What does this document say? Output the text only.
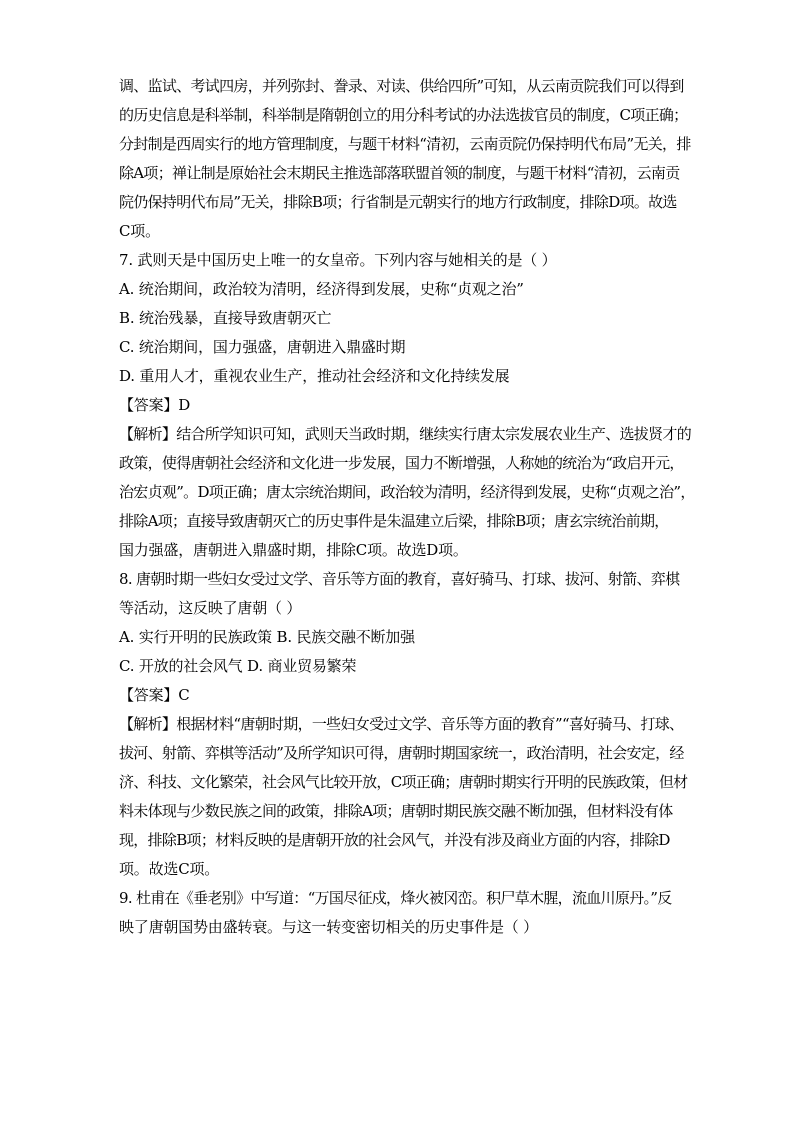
调、监试、考试四房，并列弥封、誊录、对读、供给四所”可知，从云南贡院我们可以得到
的历史信息是科举制，科举制是隋朝创立的用分科考试的办法选拔官员的制度，C项正确；
分封制是西周实行的地方管理制度，与题干材料“清初，云南贡院仍保持明代布局”无关，排
除A项；禅让制是原始社会末期民主推选部落联盟首领的制度，与题干材料“清初，云南贡
院仍保持明代布局”无关，排除B项；行省制是元朝实行的地方行政制度，排除D项。故选
C项。
7. 武则天是中国历史上唯一的女皇帝。下列内容与她相关的是（ ）
A. 统治期间，政治较为清明，经济得到发展，史称“贞观之治”
B. 统治残暴，直接导致唐朝灭亡
C. 统治期间，国力强盛，唐朝进入鼎盛时期
D. 重用人才，重视农业生产，推动社会经济和文化持续发展
【答案】D
【解析】结合所学知识可知，武则天当政时期，继续实行唐太宗发展农业生产、选拔贤才的
政策，使得唐朝社会经济和文化进一步发展，国力不断增强，人称她的统治为“政启开元，
治宏贞观”。D项正确；唐太宗统治期间，政治较为清明，经济得到发展，史称“贞观之治”，
排除A项；直接导致唐朝灭亡的历史事件是朱温建立后梁，排除B项；唐玄宗统治前期，
国力强盛，唐朝进入鼎盛时期，排除C项。故选D项。
8. 唐朝时期一些妇女受过文学、音乐等方面的教育，喜好骑马、打球、拔河、射箭、弈棋
等活动，这反映了唐朝（ ）
A. 实行开明的民族政策 B. 民族交融不断加强
C. 开放的社会风气 D. 商业贸易繁荣
【答案】C
【解析】根据材料“唐朝时期，一些妇女受过文学、音乐等方面的教育”“喜好骑马、打球、
拔河、射箭、弈棋等活动”及所学知识可得，唐朝时期国家统一，政治清明，社会安定，经
济、科技、文化繁荣，社会风气比较开放，C项正确；唐朝时期实行开明的民族政策，但材
料未体现与少数民族之间的政策，排除A项；唐朝时期民族交融不断加强，但材料没有体
现，排除B项；材料反映的是唐朝开放的社会风气，并没有涉及商业方面的内容，排除D
项。故选C项。
9. 杜甫在《垂老别》中写道：“万国尽征戍，烽火被冈峦。积尸草木腥，流血川原丹。”反
映了唐朝国势由盛转衰。与这一转变密切相关的历史事件是（ ）
